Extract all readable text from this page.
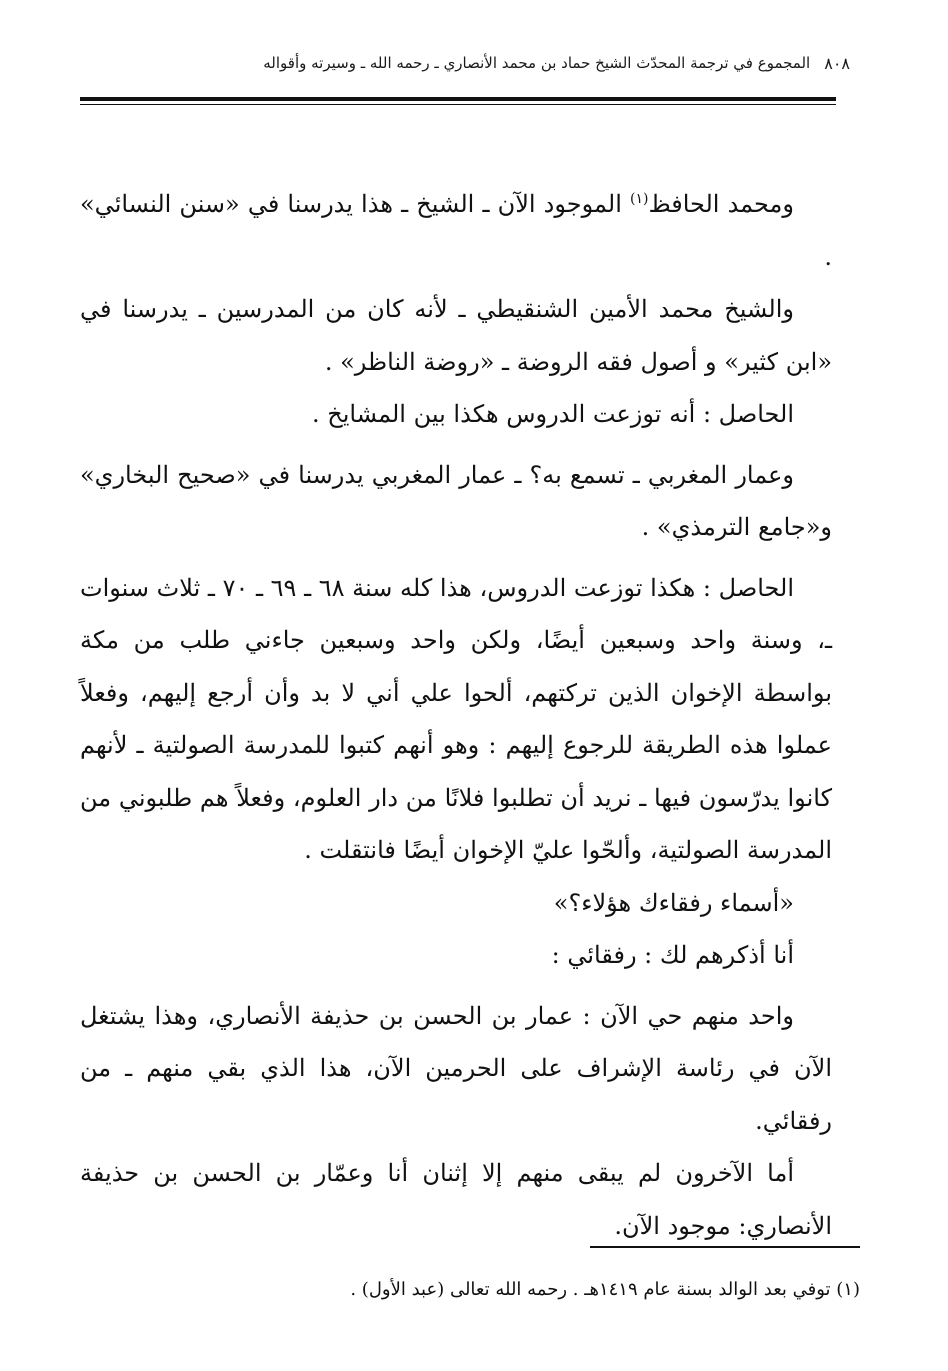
٨٠٨
المجموع في ترجمة المحدّث الشيخ حماد بن محمد الأنصاري ـ رحمه الله ـ وسيرته وأقواله

ومحمد الحافظ$^{(١)}$ الموجود الآن ـ الشيخ ـ هذا يدرسنا في «سنن النسائي» .

والشيخ محمد الأمين الشنقيطي ـ لأنه كان من المدرسين ـ يدرسنا في «ابن كثير» و أصول فقه الروضة ـ «روضة الناظر» .

الحاصل : أنه توزعت الدروس هكذا بين المشايخ .

وعمار المغربي ـ تسمع به؟ ـ عمار المغربي يدرسنا في «صحيح البخاري» و«جامع الترمذي» .

الحاصل : هكذا توزعت الدروس، هذا كله سنة ٦٨ ـ ٦٩ ـ ٧٠ ـ ثلاث سنوات ـ، وسنة واحد وسبعين أيضًا، ولكن واحد وسبعين جاءني طلب من مكة بواسطة الإخوان الذين تركتهم، ألحوا علي أني لا بد وأن أرجع إليهم، وفعلاً عملوا هذه الطريقة للرجوع إليهم : وهو أنهم كتبوا للمدرسة الصولتية ـ لأنهم كانوا يدرّسون فيها ـ نريد أن تطلبوا فلانًا من دار العلوم، وفعلاً هم طلبوني من المدرسة الصولتية، وألحّوا عليّ الإخوان أيضًا فانتقلت .

«أسماء رفقاءك هؤلاء؟»

أنا أذكرهم لك : رفقائي :

واحد منهم حي الآن : عمار بن الحسن بن حذيفة الأنصاري، وهذا يشتغل الآن في رئاسة الإشراف على الحرمين الآن، هذا الذي بقي منهم ـ من رفقائي.

أما الآخرون لم يبقى منهم إلا إثنان أنا وعمّار بن الحسن بن حذيفة الأنصاري: موجود الآن.

(١) توفي بعد الوالد بسنة عام ١٤١٩هـ . رحمه الله تعالى (عبد الأول) .
